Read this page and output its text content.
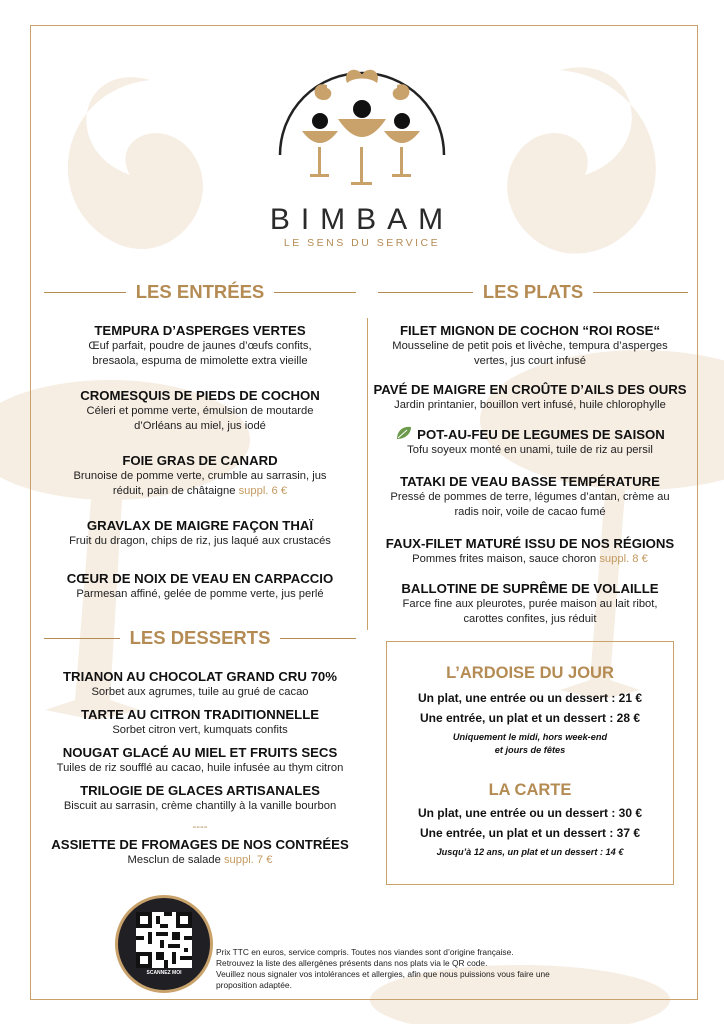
BIMBAM
LE SENS DU SERVICE
LES ENTRÉES	LES PLATS
LES DESSERTS
TEMPURA D’ASPERGES VERTES
Œuf parfait, poudre de jaunes d’œufs confits,
bresaola, espuma de mimolette extra vieille
CROMESQUIS DE PIEDS DE COCHON
Céleri et pomme verte, émulsion de moutarde
d’Orléans au miel, jus iodé
FOIE GRAS DE CANARD
Brunoise de pomme verte, crumble au sarrasin, jus
réduit, pain de châtaigne suppl. 6 €
GRAVLAX DE MAIGRE FAÇON THAÏ
Fruit du dragon, chips de riz, jus laqué aux crustacés
CŒUR DE NOIX DE VEAU EN CARPACCIO
Parmesan affiné, gelée de pomme verte, jus perlé
FILET MIGNON DE COCHON “ROI ROSE“
Mousseline de petit pois et livèche, tempura d’asperges
vertes, jus court infusé
PAVÉ DE MAIGRE EN CROÛTE D’AILS DES OURS
Jardin printanier, bouillon vert infusé, huile chlorophylle
POT-AU-FEU DE LEGUMES DE SAISON
Tofu soyeux monté en unami, tuile de riz au persil
TATAKI DE VEAU BASSE TEMPÉRATURE
Pressé de pommes de terre, légumes d’antan, crème au
radis noir, voile de cacao fumé
FAUX-FILET MATURÉ ISSU DE NOS RÉGIONS
Pommes frites maison, sauce choron suppl. 8 €
BALLOTINE DE SUPRÊME DE VOLAILLE
Farce fine aux pleurotes, purée maison au lait ribot,
carottes confites, jus réduit
TRIANON AU CHOCOLAT GRAND CRU 70%
Sorbet aux agrumes, tuile au grué de cacao
TARTE AU CITRON TRADITIONNELLE
Sorbet citron vert, kumquats confits
NOUGAT GLACÉ AU MIEL ET FRUITS SECS
Tuiles de riz soufflé au cacao, huile infusée au thym citron
TRILOGIE DE GLACES ARTISANALES
Biscuit au sarrasin, crème chantilly à la vanille bourbon
----
ASSIETTE DE FROMAGES DE NOS CONTRÉES
Mesclun de salade suppl. 7 €
L’ARDOISE DU JOUR
Un plat, une entrée ou un dessert : 21 €
Une entrée, un plat et un dessert : 28 €
Uniquement le midi, hors week-end
et jours de fêtes
LA CARTE
Un plat, une entrée ou un dessert : 30 €
Une entrée, un plat et un dessert : 37 €
Jusqu’à 12 ans, un plat et un dessert : 14 €
SCANNEZ MOI
Prix TTC en euros, service compris. Toutes nos viandes sont d’origine française.
Retrouvez la liste des allergènes présents dans nos plats via le QR code.
Veuillez nous signaler vos intolérances et allergies, afin que nous puissions vous faire une
proposition adaptée.
